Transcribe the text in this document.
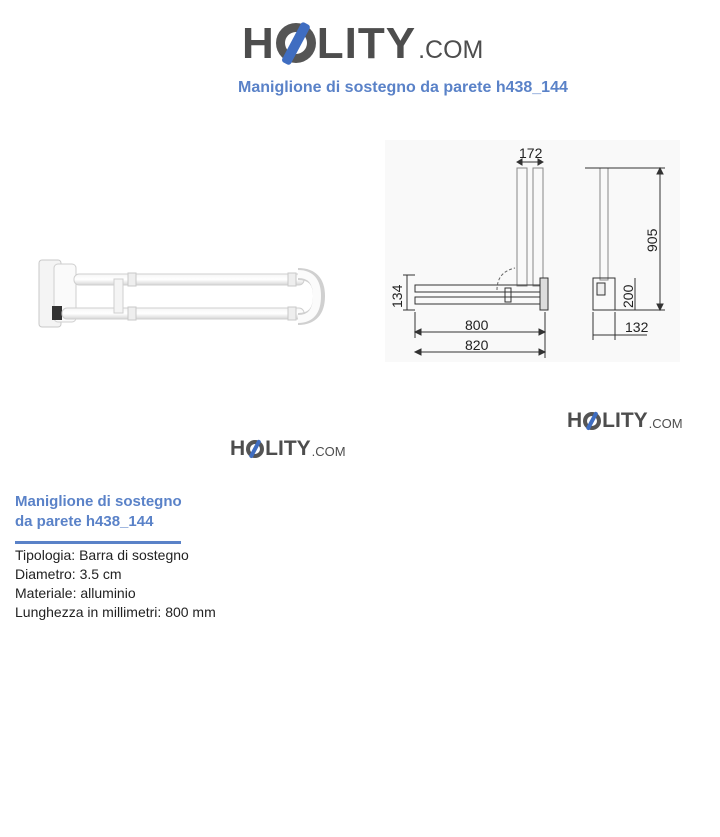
H LITY .COM
Maniglione di sostegno da parete h438_144
172
905
134
800
820
200
132
H LITY .COM
H LITY .COM
Maniglione di sostegno
da parete h438_144
Tipologia: Barra di sostegno
Diametro: 3.5 cm
Materiale: alluminio
Lunghezza in millimetri: 800 mm
